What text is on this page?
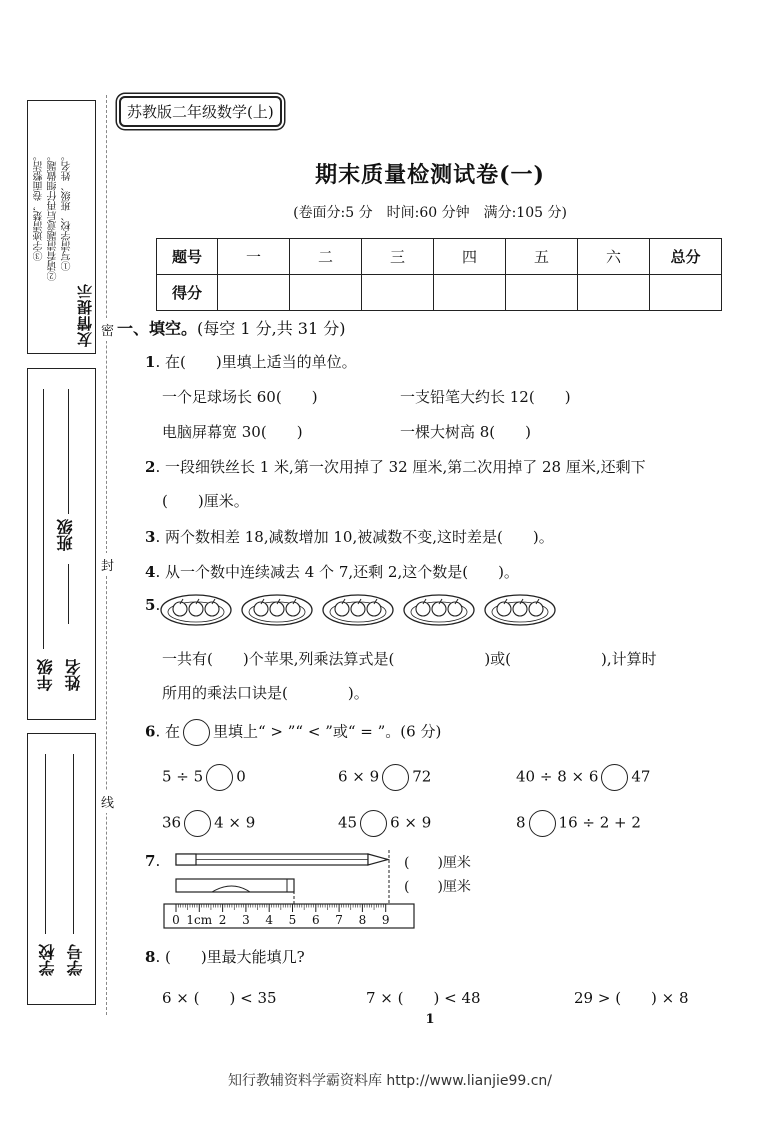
友情提示
①写清学校、班级、姓名。
②请看清题意后再仔细做题。
③字迹清楚，卷面整洁。
班级
年级 姓名
学校 学号
密
封
线
苏教版二年级数学(上)
期末质量检测试卷(一)
(卷面分:5 分　时间:60 分钟　满分:105 分)
题号	一	二	三	四	五	六	总分
得分							
一、填空。(每空 1 分,共 31 分)
1. 在(　　)里填上适当的单位。
一个足球场长 60(　　)	一支铅笔大约长 12(　　)
电脑屏幕宽 30(　　)	一棵大树高 8(　　)
2. 一段细铁丝长 1 米,第一次用掉了 32 厘米,第二次用掉了 28 厘米,还剩下
(　　)厘米。
3. 两个数相差 18,减数增加 10,被减数不变,这时差是(　　)。
4. 从一个数中连续减去 4 个 7,还剩 2,这个数是(　　)。
5.
一共有(　　)个苹果,列乘法算式是(　　　　　　)或(　　　　　　),计算时
所用的乘法口诀是(　　　　)。
6. 在 里填上“ > ”“ < ”或“ = ”。(6 分)
5 ÷ 5 0	6 × 9 72	40 ÷ 8 × 6 47
36 4 × 9	45 6 × 9	8 16 ÷ 2 + 2
7.
0 1cm 2 3 4 5 6 7 8 9
(　　)厘米
(　　)厘米
8. (　　)里最大能填几?
6 × (　　) < 35	7 × (　　) < 48	29 > (　　) × 8
1
知行教辅资料学霸资料库 http://www.lianjie99.cn/
